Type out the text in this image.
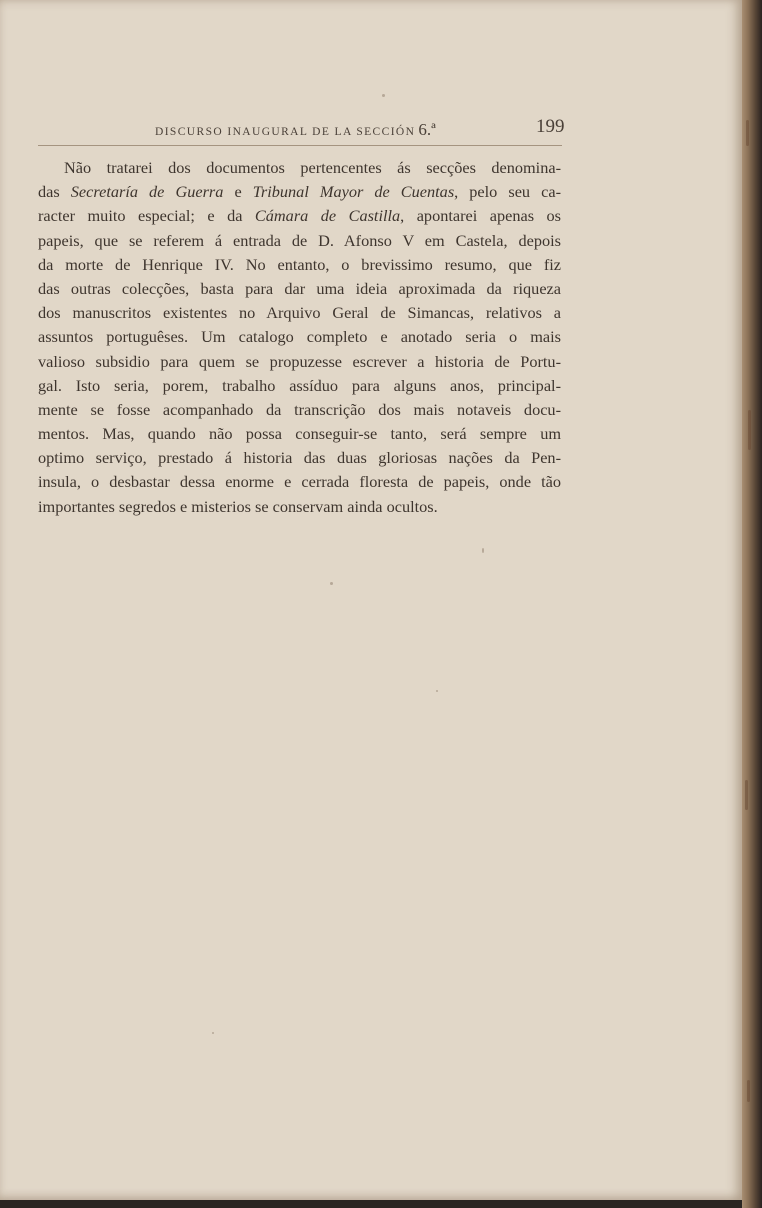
DISCURSO INAUGURAL DE LA SECCIÓN 6.ª	199
Não tratarei dos documentos pertencentes ás secções denomina-
das Secretaría de Guerra e Tribunal Mayor de Cuentas, pelo seu ca-
racter muito especial; e da Cámara de Castilla, apontarei apenas os
papeis, que se referem á entrada de D. Afonso V em Castela, depois
da morte de Henrique IV. No entanto, o brevissimo resumo, que fiz
das outras colecções, basta para dar uma ideia aproximada da riqueza
dos manuscritos existentes no Arquivo Geral de Simancas, relativos a
assuntos portuguêses. Um catalogo completo e anotado seria o mais
valioso subsidio para quem se propuzesse escrever a historia de Portu-
gal. Isto seria, porem, trabalho assíduo para alguns anos, principal-
mente se fosse acompanhado da transcrição dos mais notaveis docu-
mentos. Mas, quando não possa conseguir-se tanto, será sempre um
optimo serviço, prestado á historia das duas gloriosas nações da Pen-
insula, o desbastar dessa enorme e cerrada floresta de papeis, onde tão
importantes segredos e misterios se conservam ainda ocultos.
